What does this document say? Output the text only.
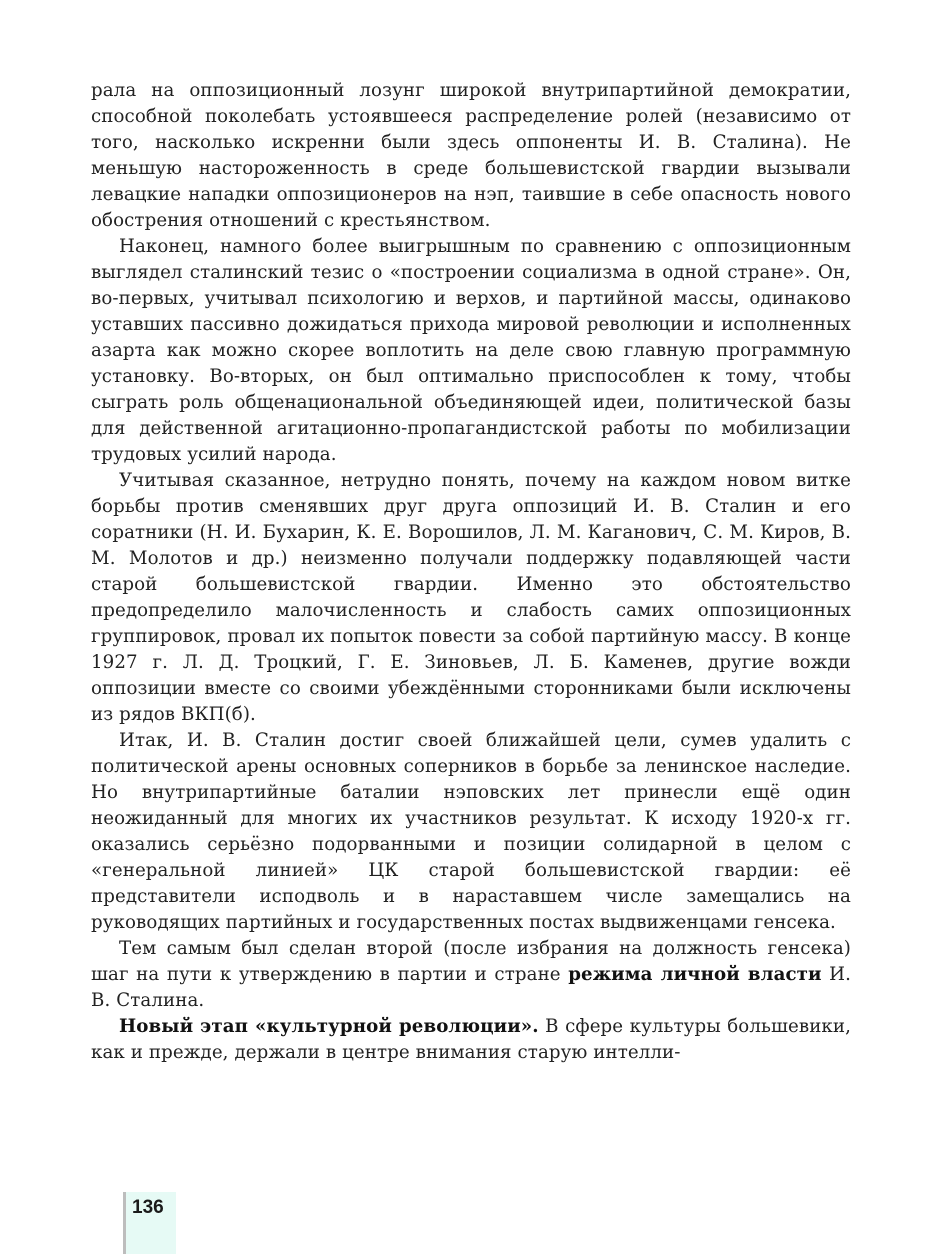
рала на оппозиционный лозунг широкой внутрипартийной демократии, способной поколебать устоявшееся распределение ролей (независимо от того, насколько искренни были здесь оппоненты И. В. Сталина). Не меньшую настороженность в среде большевистской гвардии вызывали левацкие нападки оппозиционеров на нэп, таившие в себе опасность нового обострения отношений с крестьянством.

Наконец, намного более выигрышным по сравнению с оппозиционным выглядел сталинский тезис о «построении социализма в одной стране». Он, во-первых, учитывал психологию и верхов, и партийной массы, одинаково уставших пассивно дожидаться прихода мировой революции и исполненных азарта как можно скорее воплотить на деле свою главную программную установку. Во-вторых, он был оптимально приспособлен к тому, чтобы сыграть роль общенациональной объединяющей идеи, политической базы для действенной агитационно-пропагандистской работы по мобилизации трудовых усилий народа.

Учитывая сказанное, нетрудно понять, почему на каждом новом витке борьбы против сменявших друг друга оппозиций И. В. Сталин и его соратники (Н. И. Бухарин, К. Е. Ворошилов, Л. М. Каганович, С. М. Киров, В. М. Молотов и др.) неизменно получали поддержку подавляющей части старой большевистской гвардии. Именно это обстоятельство предопределило малочисленность и слабость самих оппозиционных группировок, провал их попыток повести за собой партийную массу. В конце 1927 г. Л. Д. Троцкий, Г. Е. Зиновьев, Л. Б. Каменев, другие вожди оппозиции вместе со своими убеждёнными сторонниками были исключены из рядов ВКП(б).

Итак, И. В. Сталин достиг своей ближайшей цели, сумев удалить с политической арены основных соперников в борьбе за ленинское наследие. Но внутрипартийные баталии нэповских лет принесли ещё один неожиданный для многих их участников результат. К исходу 1920-х гг. оказались серьёзно подорванными и позиции солидарной в целом с «генеральной линией» ЦК старой большевистской гвардии: её представители исподволь и в нараставшем числе замещались на руководящих партийных и государственных постах выдвиженцами генсека.

Тем самым был сделан второй (после избрания на должность генсека) шаг на пути к утверждению в партии и стране режима личной власти И. В. Сталина.

Новый этап «культурной революции». В сфере культуры большевики, как и прежде, держали в центре внимания старую интелли-

136
